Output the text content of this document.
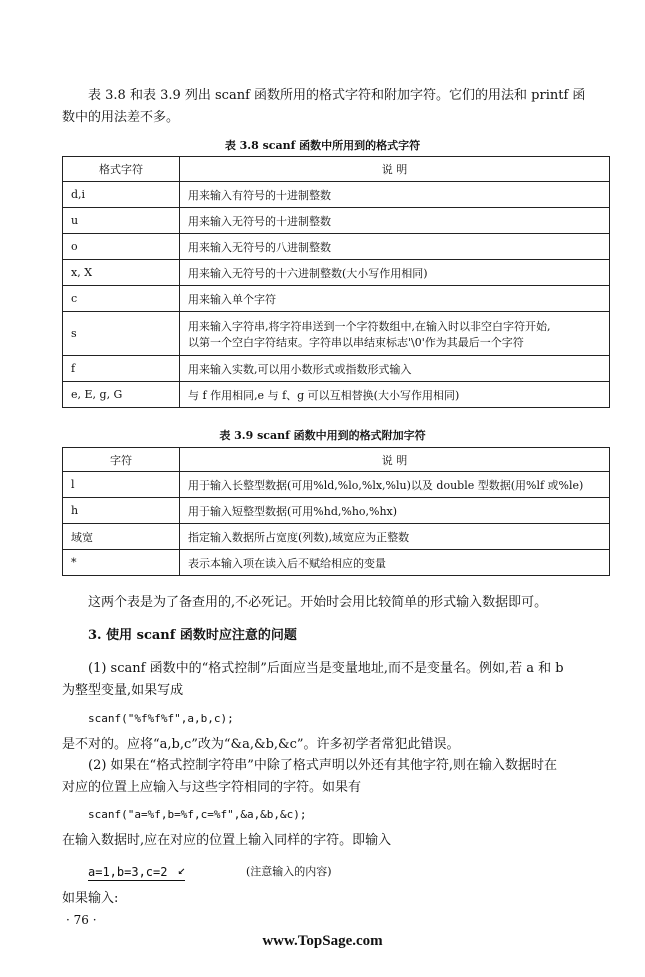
表 3.8 和表 3.9 列出 scanf 函数所用的格式字符和附加字符。它们的用法和 printf 函
数中的用法差不多。
表 3.8 scanf 函数中所用到的格式字符
格式字符	说 明
d,i	用来输入有符号的十进制整数
u	用来输入无符号的十进制整数
o	用来输入无符号的八进制整数
x, X	用来输入无符号的十六进制整数(大小写作用相同)
c	用来输入单个字符
s	用来输入字符串,将字符串送到一个字符数组中,在输入时以非空白字符开始,
以第一个空白字符结束。字符串以串结束标志'\0'作为其最后一个字符

f	用来输入实数,可以用小数形式或指数形式输入
e, E, g, G	与 f 作用相同,e 与 f、g 可以互相替换(大小写作用相同)
表 3.9 scanf 函数中用到的格式附加字符
字符	说 明
l	用于输入长整型数据(可用%ld,%lo,%lx,%lu)以及 double 型数据(用%lf 或%le)
h	用于输入短整型数据(可用%hd,%ho,%hx)
域宽	指定输入数据所占宽度(列数),域宽应为正整数
*	表示本输入项在读入后不赋给相应的变量
这两个表是为了备查用的,不必死记。开始时会用比较简单的形式输入数据即可。
3. 使用 scanf 函数时应注意的问题
(1) scanf 函数中的“格式控制”后面应当是变量地址,而不是变量名。例如,若 a 和 b
为整型变量,如果写成
scanf("%f%f%f",a,b,c);
是不对的。应将“a,b,c”改为“&a,&b,&c”。许多初学者常犯此错误。
(2) 如果在“格式控制字符串”中除了格式声明以外还有其他字符,则在输入数据时在
对应的位置上应输入与这些字符相同的字符。如果有
scanf("a=%f,b=%f,c=%f",&a,&b,&c);
在输入数据时,应在对应的位置上输入同样的字符。即输入
a=1,b=3,c=2 ↙	(注意输入的内容)
如果输入:
· 76 ·
www.TopSage.com
